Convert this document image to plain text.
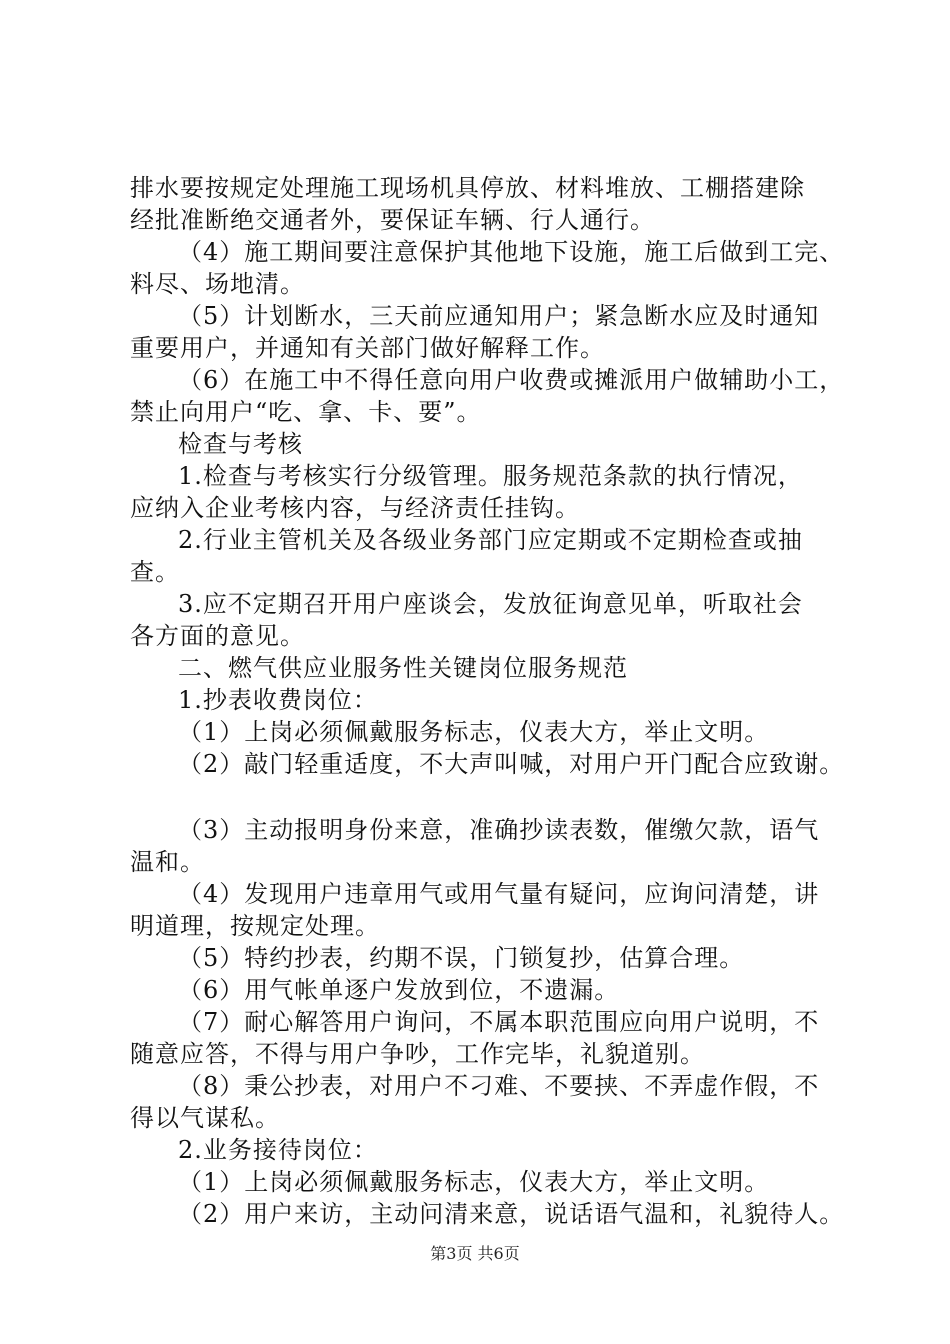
排水要按规定处理施工现场机具停放、材料堆放、工棚搭建除
经批准断绝交通者外，要保证车辆、行人通行。
（4）施工期间要注意保护其他地下设施，施工后做到工完、
料尽、场地清。
（5）计划断水，三天前应通知用户；紧急断水应及时通知
重要用户，并通知有关部门做好解释工作。
（6）在施工中不得任意向用户收费或摊派用户做辅助小工，
禁止向用户“吃、拿、卡、要”。
检查与考核
1.检查与考核实行分级管理。服务规范条款的执行情况，
应纳入企业考核内容，与经济责任挂钩。
2.行业主管机关及各级业务部门应定期或不定期检查或抽
查。
3.应不定期召开用户座谈会，发放征询意见单，听取社会
各方面的意见。
二、燃气供应业服务性关键岗位服务规范
1.抄表收费岗位：
（1）上岗必须佩戴服务标志，仪表大方，举止文明。
（2）敲门轻重适度，不大声叫喊，对用户开门配合应致谢。
（3）主动报明身份来意，准确抄读表数，催缴欠款，语气
温和。
（4）发现用户违章用气或用气量有疑问，应询问清楚，讲
明道理，按规定处理。
（5）特约抄表，约期不误，门锁复抄，估算合理。
（6）用气帐单逐户发放到位，不遗漏。
（7）耐心解答用户询问，不属本职范围应向用户说明，不
随意应答，不得与用户争吵，工作完毕，礼貌道别。
（8）秉公抄表，对用户不刁难、不要挟、不弄虚作假，不
得以气谋私。
2.业务接待岗位：
（1）上岗必须佩戴服务标志，仪表大方，举止文明。
（2）用户来访，主动问清来意，说话语气温和，礼貌待人。
第3页 共6页
